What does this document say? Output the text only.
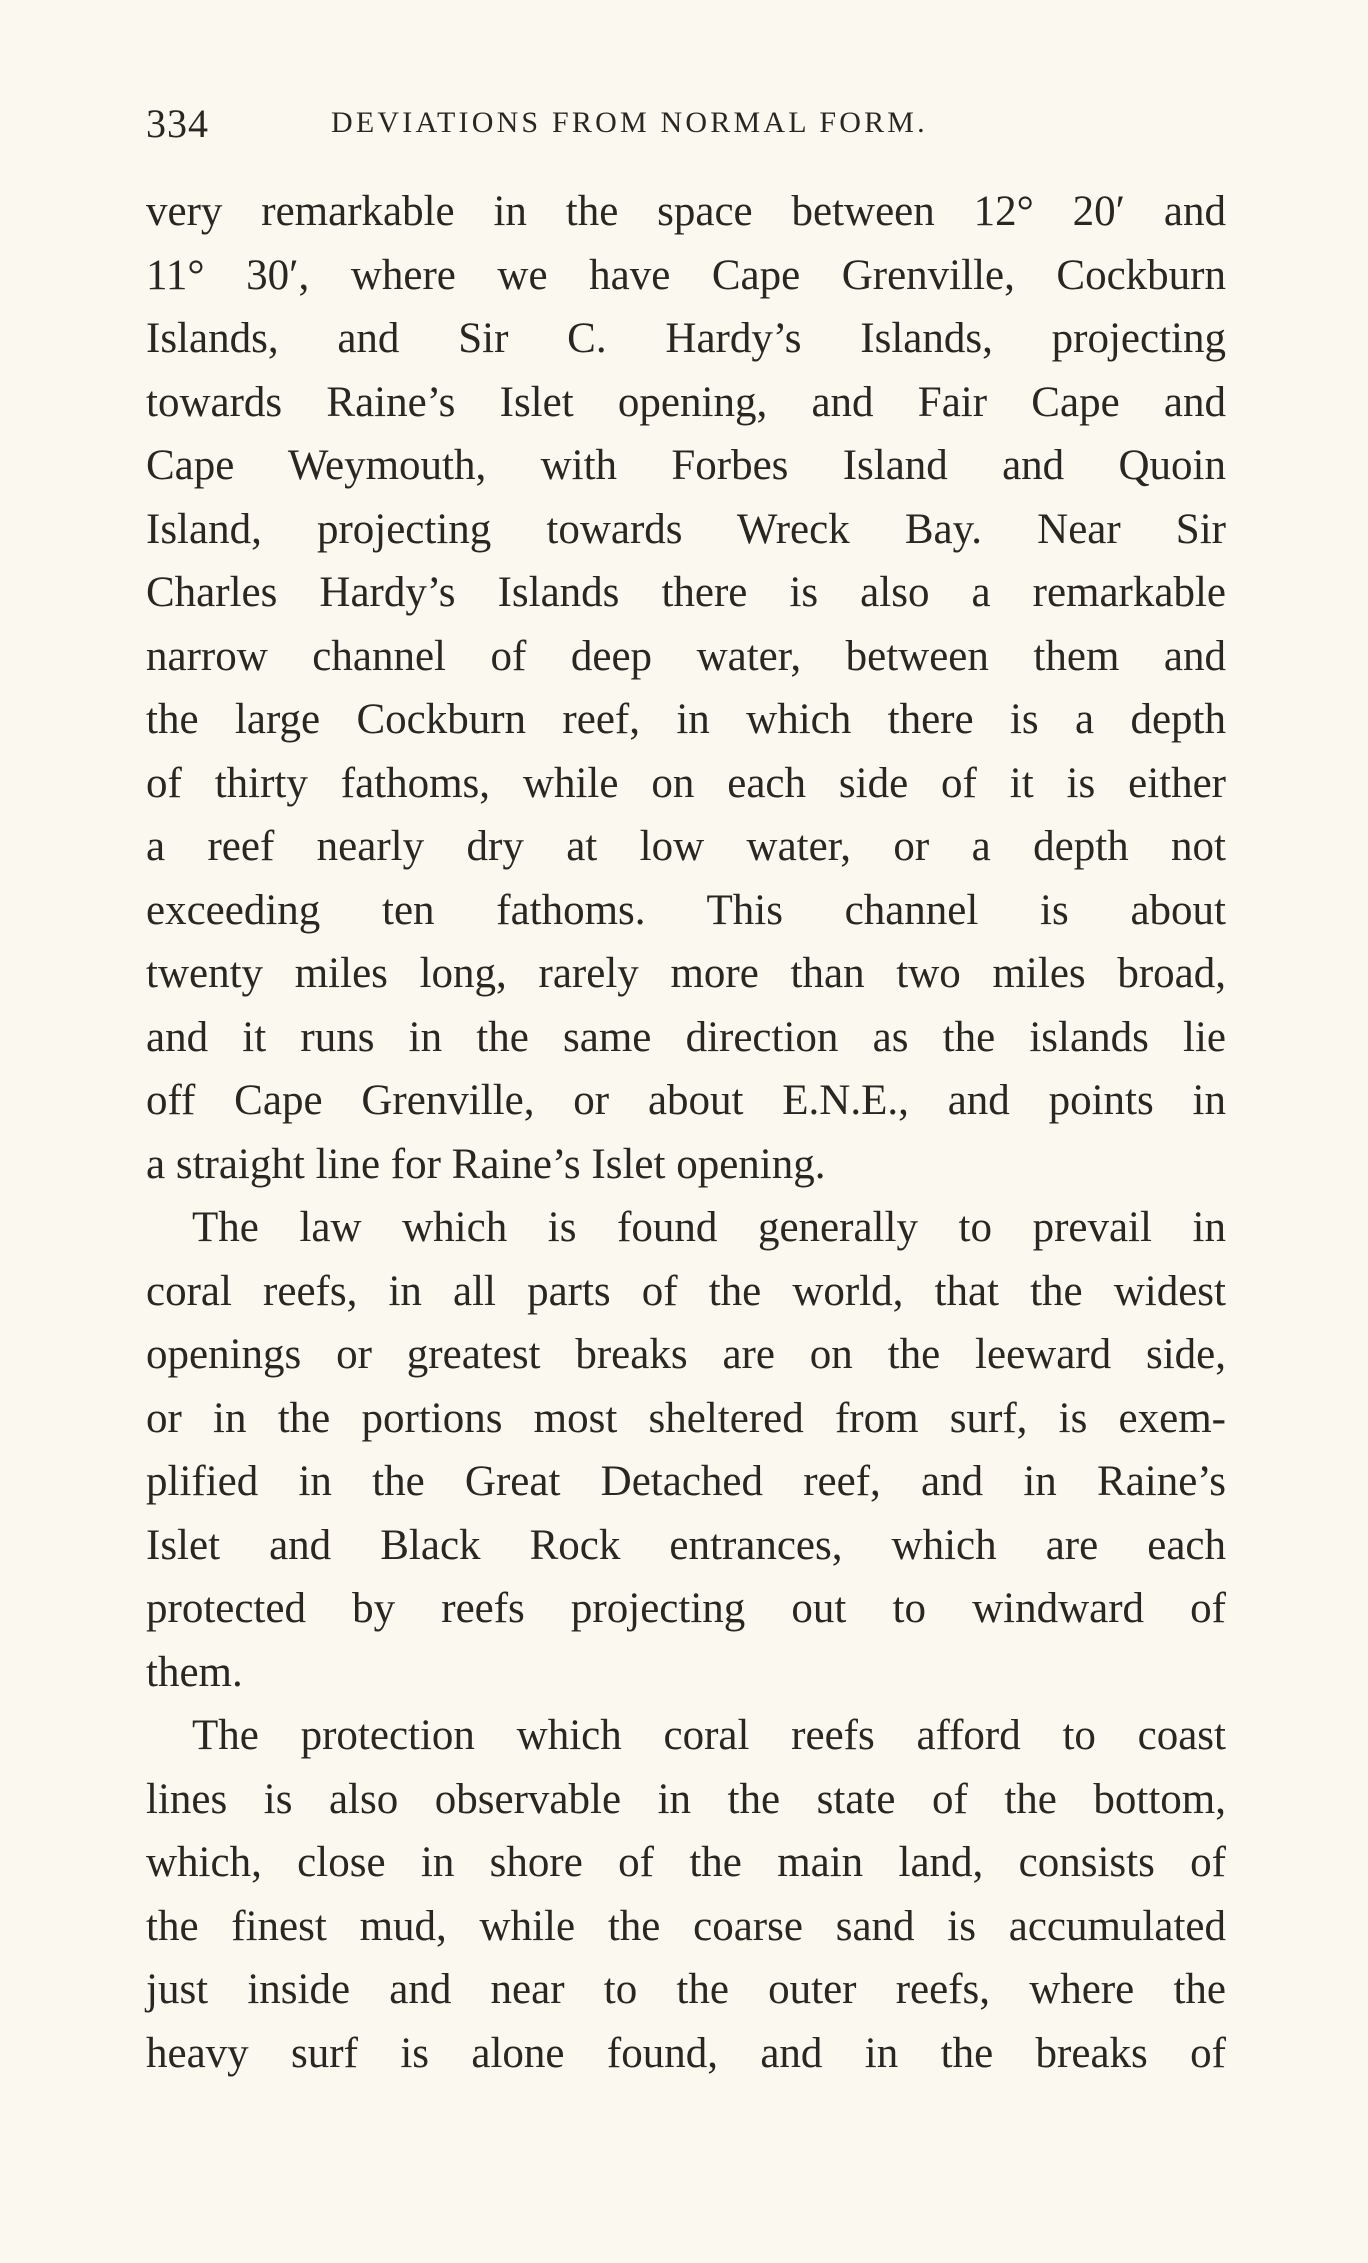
334	DEVIATIONS FROM NORMAL FORM.
very remarkable in the space between 12° 20′ and
11° 30′, where we have Cape Grenville, Cockburn
Islands, and Sir C. Hardy’s Islands, projecting
towards Raine’s Islet opening, and Fair Cape and
Cape Weymouth, with Forbes Island and Quoin
Island, projecting towards Wreck Bay. Near Sir
Charles Hardy’s Islands there is also a remarkable
narrow channel of deep water, between them and
the large Cockburn reef, in which there is a depth
of thirty fathoms, while on each side of it is either
a reef nearly dry at low water, or a depth not
exceeding ten fathoms. This channel is about
twenty miles long, rarely more than two miles broad,
and it runs in the same direction as the islands lie
off Cape Grenville, or about E.N.E., and points in
a straight line for Raine’s Islet opening.
The law which is found generally to prevail in
coral reefs, in all parts of the world, that the widest
openings or greatest breaks are on the leeward side,
or in the portions most sheltered from surf, is exem-
plified in the Great Detached reef, and in Raine’s
Islet and Black Rock entrances, which are each
protected by reefs projecting out to windward of
them.
The protection which coral reefs afford to coast
lines is also observable in the state of the bottom,
which, close in shore of the main land, consists of
the finest mud, while the coarse sand is accumulated
just inside and near to the outer reefs, where the
heavy surf is alone found, and in the breaks of
